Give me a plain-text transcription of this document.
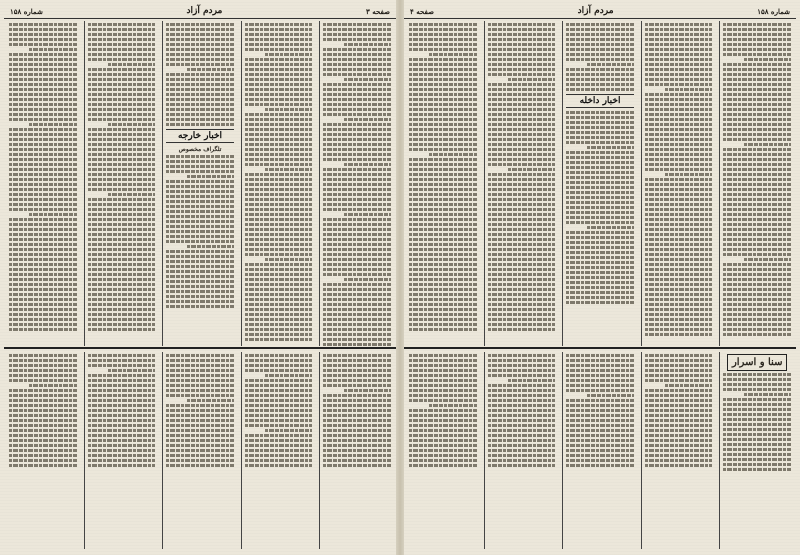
صفحه ۳
مردم آزاد
شماره ۱۵۸
اخبار خارجه
تلگراف مخصوص
شماره ۱۵۸
مردم آزاد
صفحه ۴
اخبار داخله
سنا و اسرار
